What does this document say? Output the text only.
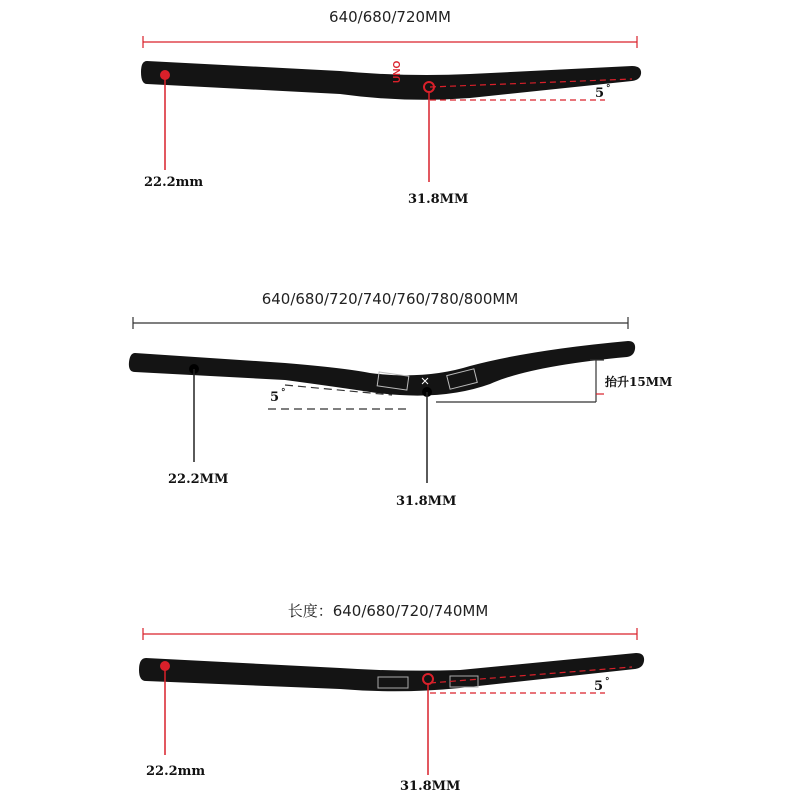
640/680/720MM
UNO
5 °
22.2mm
31.8MM
640/680/720/740/760/780/800MM
5 °
抬升15MM
22.2MM
31.8MM
长度：640/680/720/740MM
5 °
22.2mm
31.8MM
